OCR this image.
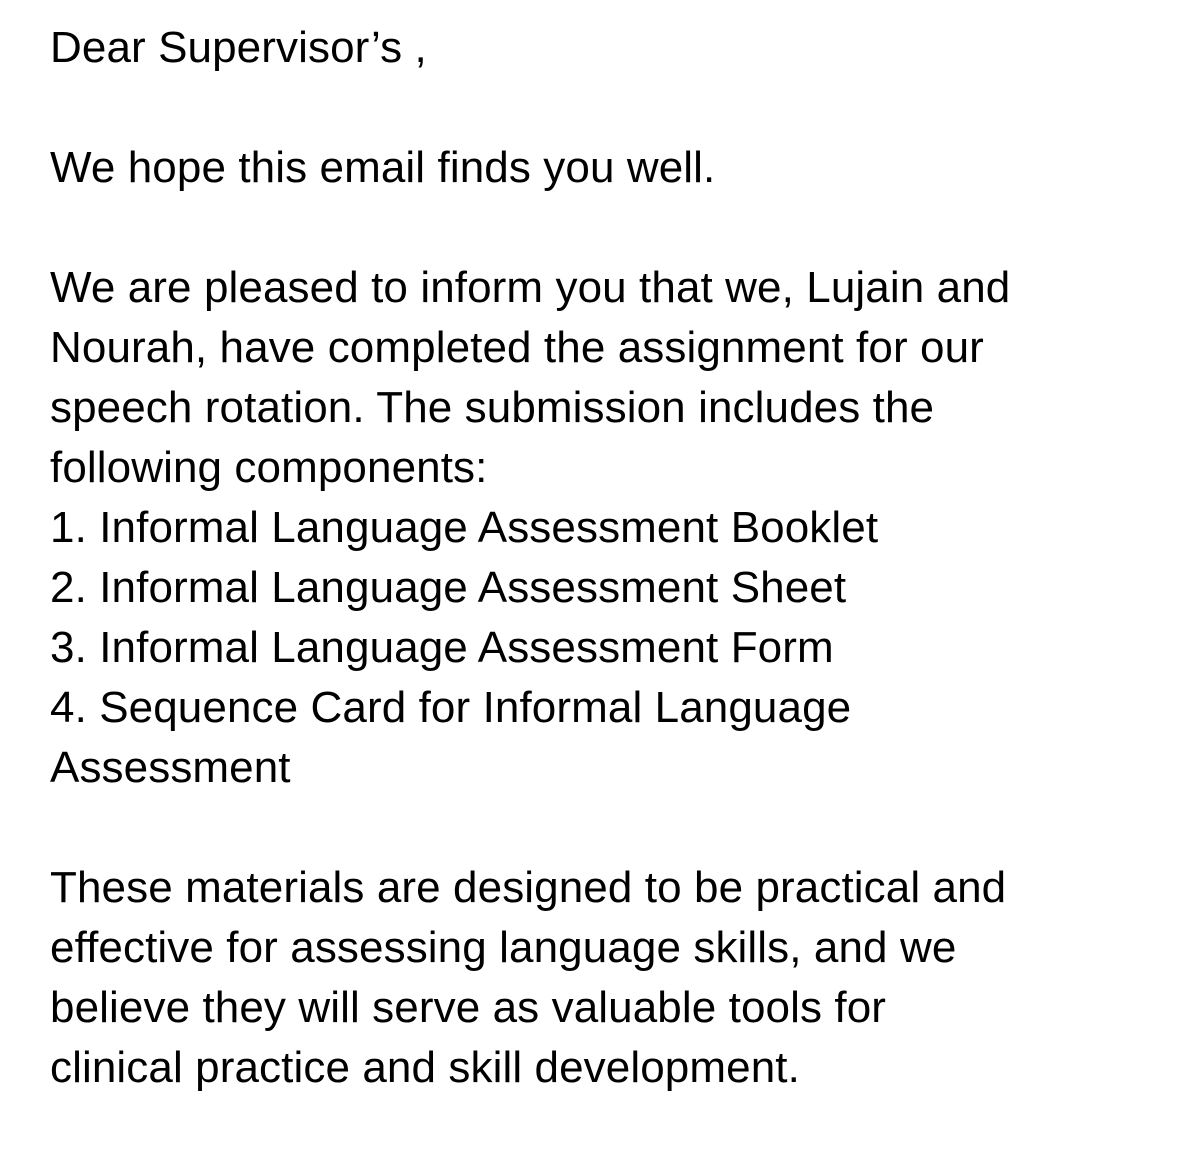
Dear Supervisor’s ,
We hope this email finds you well.
We are pleased to inform you that we, Lujain and
Nourah, have completed the assignment for our
speech rotation. The submission includes the
following components:
1. Informal Language Assessment Booklet
2. Informal Language Assessment Sheet
3. Informal Language Assessment Form
4. Sequence Card for Informal Language
Assessment
These materials are designed to be practical and
effective for assessing language skills, and we
believe they will serve as valuable tools for
clinical practice and skill development.
